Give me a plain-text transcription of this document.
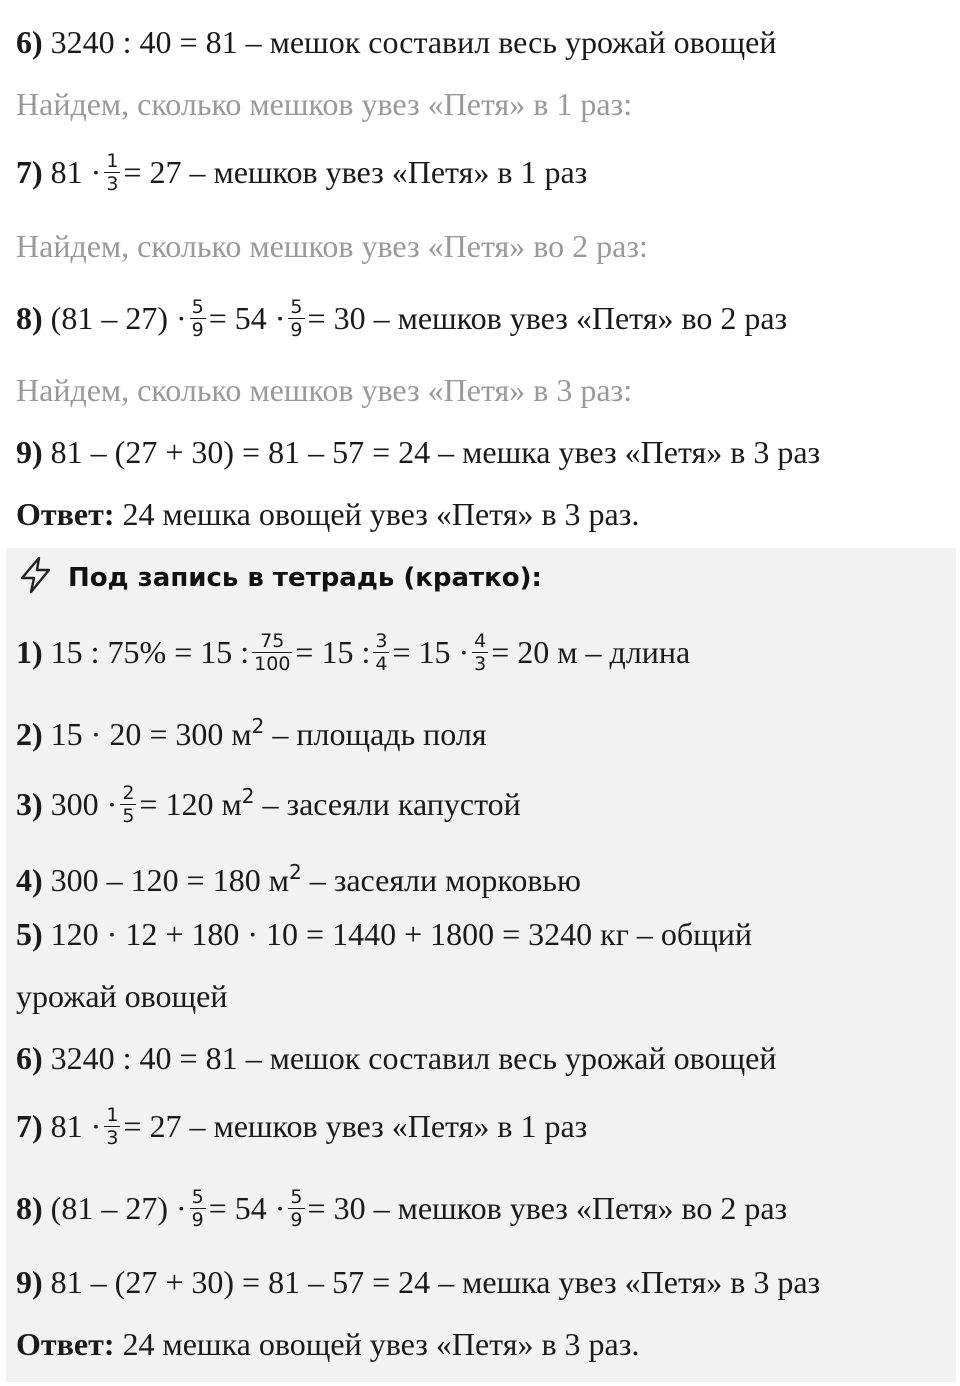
6) 3240 : 40 = 81 – мешок составил весь урожай овощей
Найдем, сколько мешков увез «Петя» в 1 раз:
7) $81 \cdot \frac{1}{3} = 27$ – мешков увез «Петя» в 1 раз
Найдем, сколько мешков увез «Петя» во 2 раз:
8) $(81 - 27) \cdot \frac{5}{9} = 54 \cdot \frac{5}{9} = 30$ – мешков увез «Петя» во 2 раз
Найдем, сколько мешков увез «Петя» в 3 раз:
9) 81 – (27 + 30) = 81 – 57 = 24 – мешка увез «Петя» в 3 раз
Ответ: 24 мешка овощей увез «Петя» в 3 раз.
Под запись в тетрадь (кратко):
1) 15 : 75% = 15 : $\frac{75}{100} = 15$ : $\frac{3}{4} = 15 \cdot \frac{4}{3} = 20$ м – длина
2) 15 · 20 = 300 $м^2$ – площадь поля
3) $300 \cdot \frac{2}{5} = 120$ $м^2$ – засеяли капустой
4) 300 – 120 = 180 $м^2$ – засеяли морковью
5) 120 · 12 + 180 · 10 = 1440 + 1800 = 3240 кг – общий
урожай овощей
6) 3240 : 40 = 81 – мешок составил весь урожай овощей
7) $81 \cdot \frac{1}{3} = 27$ – мешков увез «Петя» в 1 раз
8) $(81 - 27) \cdot \frac{5}{9} = 54 \cdot \frac{5}{9} = 30$ – мешков увез «Петя» во 2 раз
9) 81 – (27 + 30) = 81 – 57 = 24 – мешка увез «Петя» в 3 раз
Ответ: 24 мешка овощей увез «Петя» в 3 раз.
